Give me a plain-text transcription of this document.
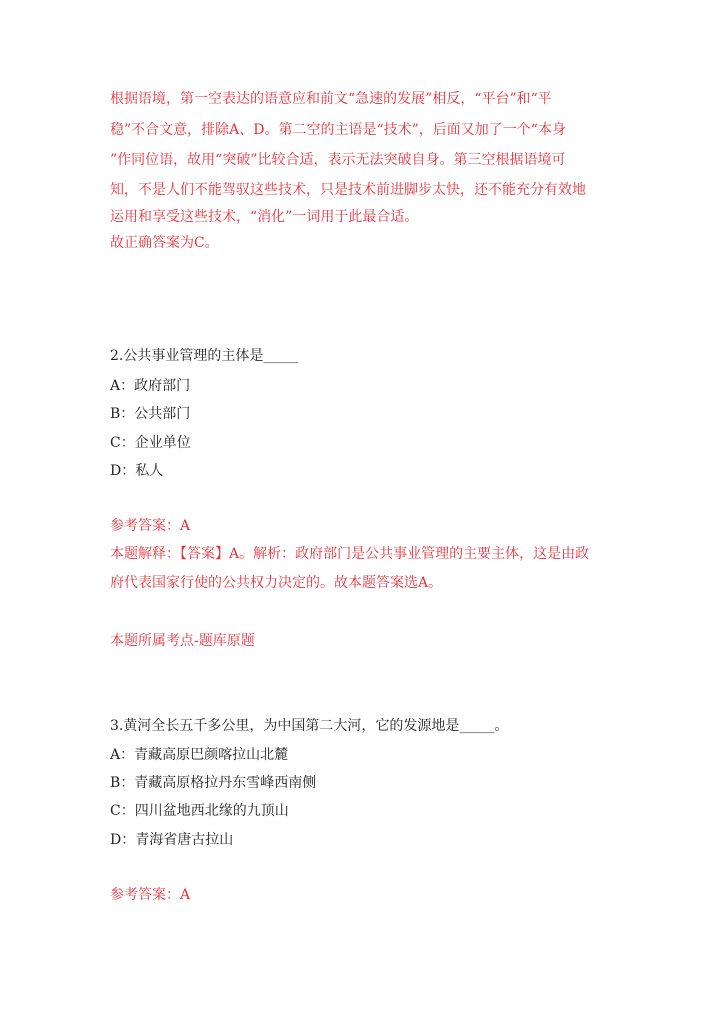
根据语境，第一空表达的语意应和前文“急速的发展”相反，“平台”和“平
稳”不合文意，排除A、D。第二空的主语是“技术”，后面又加了一个“本身
”作同位语，故用“突破”比较合适，表示无法突破自身。第三空根据语境可
知，不是人们不能驾驭这些技术，只是技术前进脚步太快，还不能充分有效地
运用和享受这些技术，“消化”一词用于此最合适。
故正确答案为C。
2.公共事业管理的主体是_____
A：政府部门
B：公共部门
C：企业单位
D：私人
参考答案：A
本题解释：【答案】A。解析：政府部门是公共事业管理的主要主体，这是由政
府代表国家行使的公共权力决定的。故本题答案选A。
本题所属考点-题库原题
3.黄河全长五千多公里，为中国第二大河，它的发源地是_____。
A：青藏高原巴颜喀拉山北麓
B：青藏高原格拉丹东雪峰西南侧
C：四川盆地西北缘的九顶山
D：青海省唐古拉山
参考答案：A
